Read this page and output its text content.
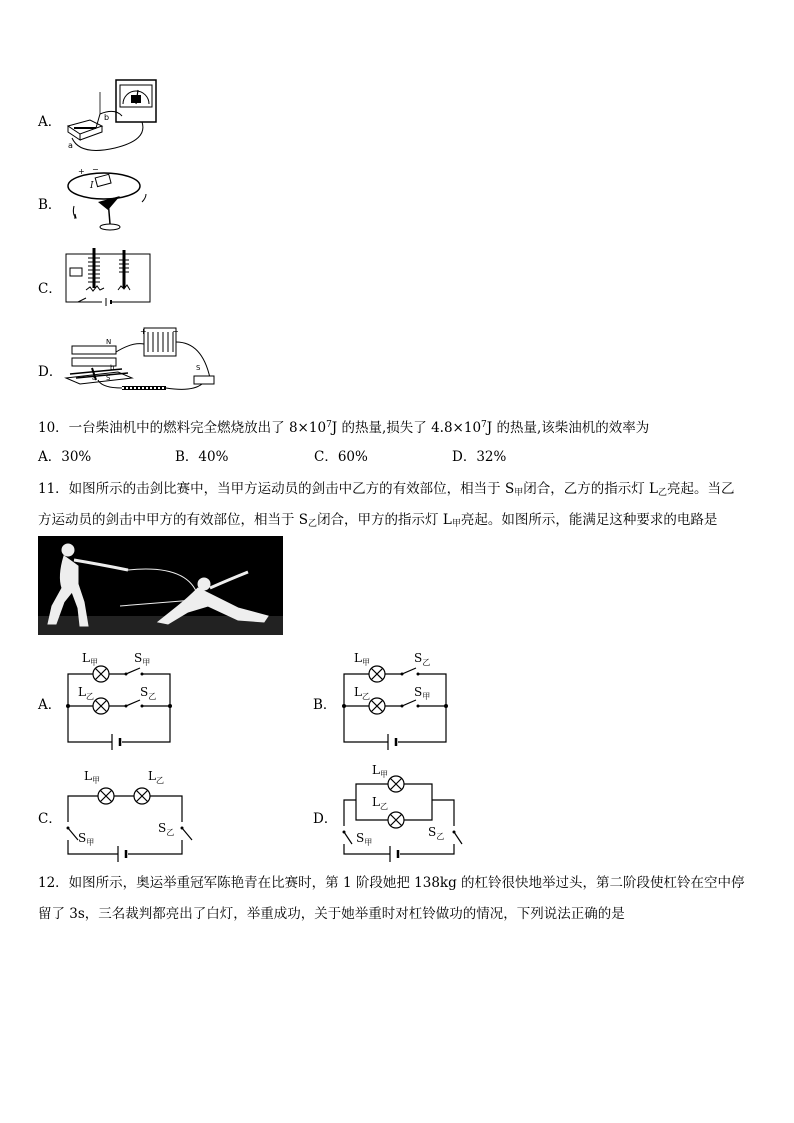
A．
B．
C．
D．
a
b
+ −
I
N
S
a
b
+	−
S
10．一台柴油机中的燃料完全燃烧放出了 $8\times 10^7J$ 的热量,损失了 $4.8\times 10^7J$ 的热量,该柴油机的效率为
A．30%	B．40%	C．60%	D．32%
11．如图所示的击剑比赛中，当甲方运动员的剑击中乙方的有效部位，相当于 $S_甲$闭合，乙方的指示灯 $L_乙$亮起。当乙
方运动员的剑击中甲方的有效部位，相当于 $S_乙$闭合，甲方的指示灯 $L_甲$亮起。如图所示，能满足这种要求的电路是
A．	B．
C．	D．
$L_甲$	$S_甲$
$L_乙$	$S_乙$
$L_甲$	$S_乙$
$L_乙$	$S_甲$
$L_甲$	$L_乙$
$S_甲$
$S_乙$
$L_甲$
$L_乙$
$S_甲$
$S_乙$
12．如图所示，奥运举重冠军陈艳青在比赛时，第 1 阶段她把 138kg 的杠铃很快地举过头，第二阶段使杠铃在空中停
留了 3s，三名裁判都亮出了白灯，举重成功，关于她举重时对杠铃做功的情况，下列说法正确的是
